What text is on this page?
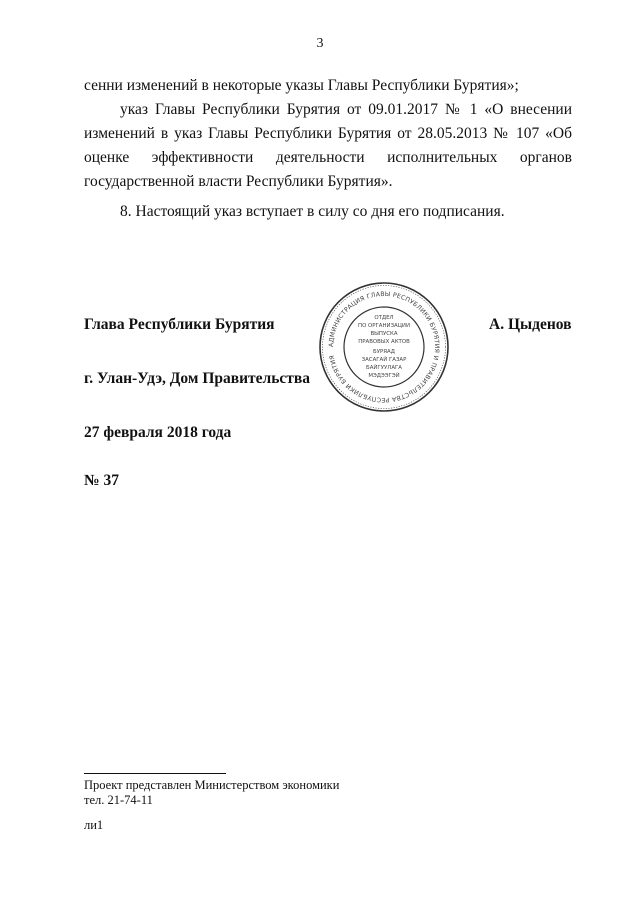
3
сенни изменений в некоторые указы Главы Республики Бурятия»;
указ Главы Республики Бурятия от 09.01.2017 № 1 «О внесении изменений в указ Главы Республики Бурятия от 28.05.2013 № 107 «Об оценке эффективности деятельности исполнительных органов государственной власти Республики Бурятия».
8. Настоящий указ вступает в силу со дня его подписания.
Глава Республики Бурятия	А. Цыденов
г. Улан-Удэ, Дом Правительства
27 февраля 2018 года
№ 37
АДМИНИСТРАЦИЯ ГЛАВЫ РЕСПУБЛИКИ БУРЯТИЯ И ПРАВИТЕЛЬСТВА РЕСПУБЛИКИ БУРЯТИЯ
ОТДЕЛ
ПО ОРГАНИЗАЦИИ
ВЫПУСКА
ПРАВОВЫХ АКТОВ
БУРЯАД
ЗАСАГАЙ ГАЗАР
БАЙГУУЛАГА
МЭДЭЭГЭЙ
Проект представлен Министерством экономики
тел. 21-74-11
ли1
